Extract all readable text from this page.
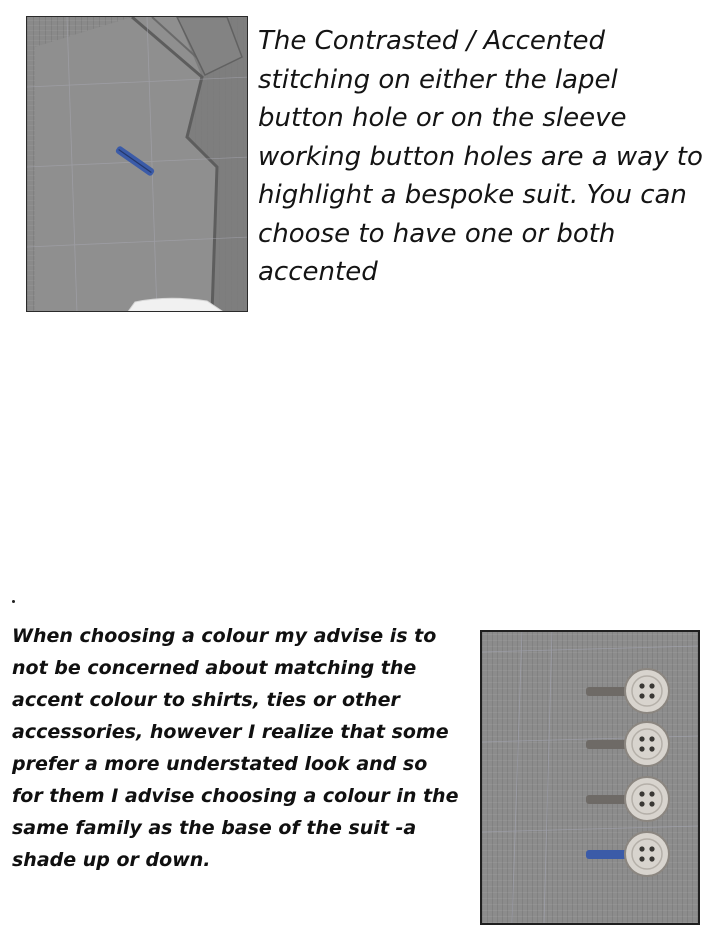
The Contrasted / Accented stitching on either the lapel button hole or on the sleeve working button holes are a way to highlight a bespoke suit. You can choose to have one or both accented

When choosing a colour my advise is to not be concerned about matching the accent colour to shirts, ties or other accessories, however I realize that some prefer a more understated look and so for them I advise choosing a colour in the same family as the base of the suit -a shade up or down.
